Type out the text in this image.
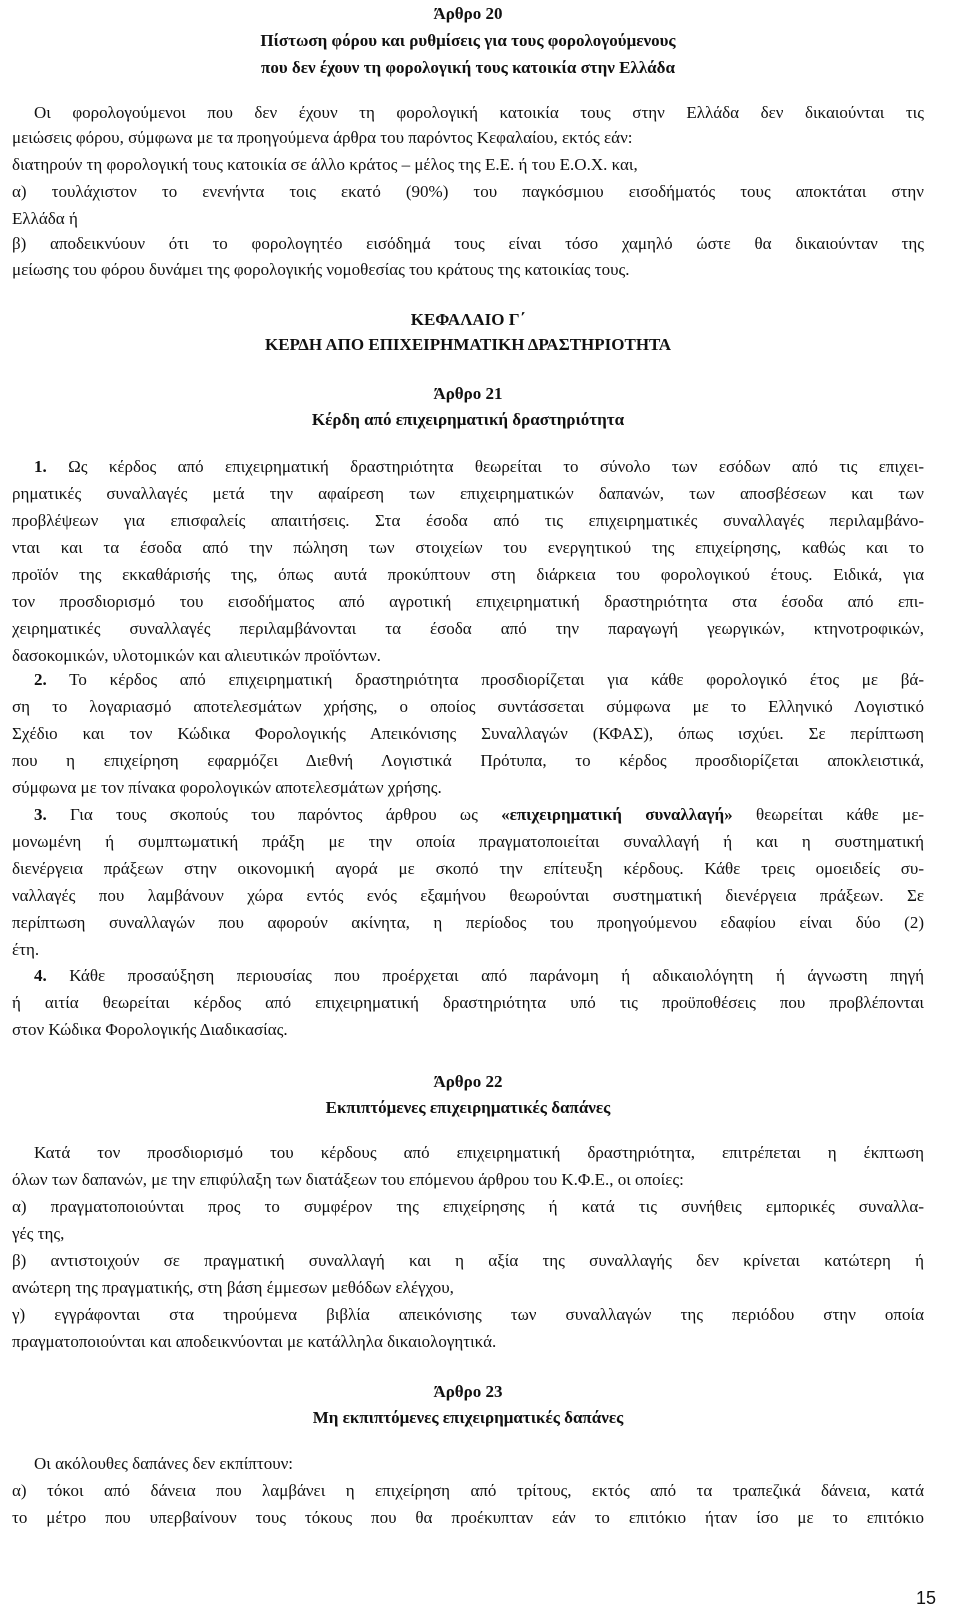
Άρθρο 20
Πίστωση φόρου και ρυθμίσεις για τους φορολογούμενους
που δεν έχουν τη φορολογική τους κατοικία στην Ελλάδα
Οι φορολογούμενοι που δεν έχουν τη φορολογική κατοικία τους στην Ελλάδα δεν δικαιούνται τις
μειώσεις φόρου, σύμφωνα με τα προηγούμενα άρθρα του παρόντος Κεφαλαίου, εκτός εάν:
διατηρούν τη φορολογική τους κατοικία σε άλλο κράτος – μέλος της Ε.Ε. ή του Ε.Ο.Χ. και,
α) τουλάχιστον το ενενήντα τοις εκατό (90%) του παγκόσμιου εισοδήματός τους αποκτάται στην
Ελλάδα ή
β) αποδεικνύουν ότι το φορολογητέο εισόδημά τους είναι τόσο χαμηλό ώστε θα δικαιούνταν της
μείωσης του φόρου δυνάμει της φορολογικής νομοθεσίας του κράτους της κατοικίας τους.
ΚΕΦΑΛΑΙΟ Γ΄
ΚΕΡΔΗ ΑΠΟ ΕΠΙΧΕΙΡΗΜΑΤΙΚΗ ΔΡΑΣΤΗΡΙΟΤΗΤΑ
Άρθρο 21
Κέρδη από επιχειρηματική δραστηριότητα
1. Ως κέρδος από επιχειρηματική δραστηριότητα θεωρείται το σύνολο των εσόδων από τις επιχει-
ρηματικές συναλλαγές μετά την αφαίρεση των επιχειρηματικών δαπανών, των αποσβέσεων και των
προβλέψεων για επισφαλείς απαιτήσεις. Στα έσοδα από τις επιχειρηματικές συναλλαγές περιλαμβάνο-
νται και τα έσοδα από την πώληση των στοιχείων του ενεργητικού της επιχείρησης, καθώς και το
προϊόν της εκκαθάρισής της, όπως αυτά προκύπτουν στη διάρκεια του φορολογικού έτους. Ειδικά, για
τον προσδιορισμό του εισοδήματος από αγροτική επιχειρηματική δραστηριότητα στα έσοδα από επι-
χειρηματικές συναλλαγές περιλαμβάνονται τα έσοδα από την παραγωγή γεωργικών, κτηνοτροφικών,
δασοκομικών, υλοτομικών και αλιευτικών προϊόντων.
2. Το κέρδος από επιχειρηματική δραστηριότητα προσδιορίζεται για κάθε φορολογικό έτος με βά-
ση το λογαριασμό αποτελεσμάτων χρήσης, ο οποίος συντάσσεται σύμφωνα με το Ελληνικό Λογιστικό
Σχέδιο και τον Κώδικα Φορολογικής Απεικόνισης Συναλλαγών (ΚΦΑΣ), όπως ισχύει. Σε περίπτωση
που η επιχείρηση εφαρμόζει Διεθνή Λογιστικά Πρότυπα, το κέρδος προσδιορίζεται αποκλειστικά,
σύμφωνα με τον πίνακα φορολογικών αποτελεσμάτων χρήσης.
3. Για τους σκοπούς του παρόντος άρθρου ως «επιχειρηματική συναλλαγή» θεωρείται κάθε με-
μονωμένη ή συμπτωματική πράξη με την οποία πραγματοποιείται συναλλαγή ή και η συστηματική
διενέργεια πράξεων στην οικονομική αγορά με σκοπό την επίτευξη κέρδους. Κάθε τρεις ομοειδείς συ-
ναλλαγές που λαμβάνουν χώρα εντός ενός εξαμήνου θεωρούνται συστηματική διενέργεια πράξεων. Σε
περίπτωση συναλλαγών που αφορούν ακίνητα, η περίοδος του προηγούμενου εδαφίου είναι δύο (2)
έτη.
4. Κάθε προσαύξηση περιουσίας που προέρχεται από παράνομη ή αδικαιολόγητη ή άγνωστη πηγή
ή αιτία θεωρείται κέρδος από επιχειρηματική δραστηριότητα υπό τις προϋποθέσεις που προβλέπονται
στον Κώδικα Φορολογικής Διαδικασίας.
Άρθρο 22
Εκπιπτόμενες επιχειρηματικές δαπάνες
Κατά τον προσδιορισμό του κέρδους από επιχειρηματική δραστηριότητα, επιτρέπεται η έκπτωση
όλων των δαπανών, με την επιφύλαξη των διατάξεων του επόμενου άρθρου του Κ.Φ.Ε., οι οποίες:
α) πραγματοποιούνται προς το συμφέρον της επιχείρησης ή κατά τις συνήθεις εμπορικές συναλλα-
γές της,
β) αντιστοιχούν σε πραγματική συναλλαγή και η αξία της συναλλαγής δεν κρίνεται κατώτερη ή
ανώτερη της πραγματικής, στη βάση έμμεσων μεθόδων ελέγχου,
γ) εγγράφονται στα τηρούμενα βιβλία απεικόνισης των συναλλαγών της περιόδου στην οποία
πραγματοποιούνται και αποδεικνύονται με κατάλληλα δικαιολογητικά.
Άρθρο 23
Μη εκπιπτόμενες επιχειρηματικές δαπάνες
Οι ακόλουθες δαπάνες δεν εκπίπτουν:
α) τόκοι από δάνεια που λαμβάνει η επιχείρηση από τρίτους, εκτός από τα τραπεζικά δάνεια, κατά
το μέτρο που υπερβαίνουν τους τόκους που θα προέκυπταν εάν το επιτόκιο ήταν ίσο με το επιτόκιο
15
